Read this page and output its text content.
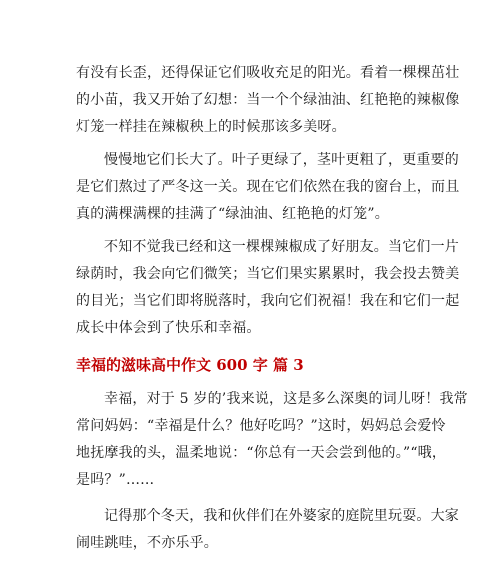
有没有长歪，还得保证它们吸收充足的阳光。看着一棵棵茁壮
的小苗，我又开始了幻想：当一个个绿油油、红艳艳的辣椒像
灯笼一样挂在辣椒秧上的时候那该多美呀。
慢慢地它们长大了。叶子更绿了，茎叶更粗了，更重要的
是它们熬过了严冬这一关。现在它们依然在我的窗台上，而且
真的满棵满棵的挂满了“绿油油、红艳艳的灯笼”。
不知不觉我已经和这一棵棵辣椒成了好朋友。当它们一片
绿荫时，我会向它们微笑；当它们果实累累时，我会投去赞美
的目光；当它们即将脱落时，我向它们祝福！我在和它们一起
成长中体会到了快乐和幸福。

幸福的滋味高中作文 600 字 篇 3

幸福，对于 5 岁的’我来说，这是多么深奥的词儿呀！我常
常问妈妈：“幸福是什么？他好吃吗？”这时，妈妈总会爱怜
地抚摩我的头，温柔地说：“你总有一天会尝到他的。”“哦，
是吗？”……
记得那个冬天，我和伙伴们在外婆家的庭院里玩耍。大家
闹哇跳哇，不亦乐乎。
